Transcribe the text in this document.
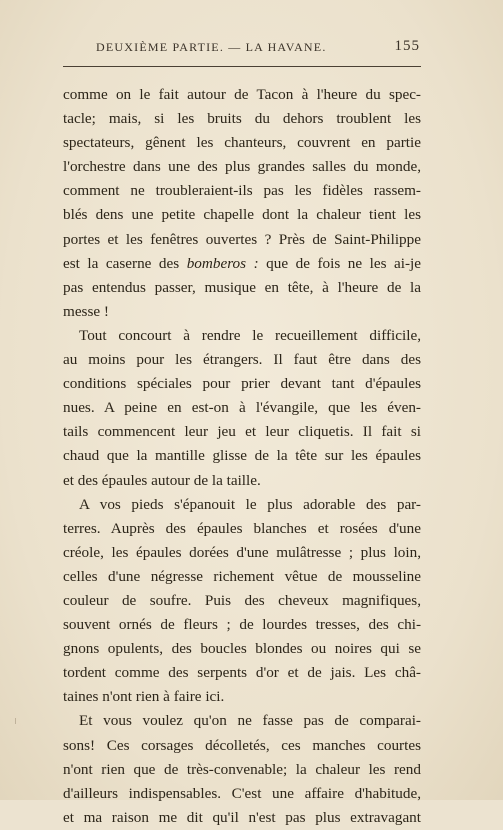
DEUXIÈME PARTIE. — LA HAVANE.	155
comme on le fait autour de Tacon à l'heure du spec-
tacle; mais, si les bruits du dehors troublent les
spectateurs, gênent les chanteurs, couvrent en partie
l'orchestre dans une des plus grandes salles du monde,
comment ne troubleraient-ils pas les fidèles rassem-
blés dens une petite chapelle dont la chaleur tient les
portes et les fenêtres ouvertes ? Près de Saint-Philippe
est la caserne des bomberos : que de fois ne les ai-je
pas entendus passer, musique en tête, à l'heure de la
messe !
Tout concourt à rendre le recueillement difficile,
au moins pour les étrangers. Il faut être dans des
conditions spéciales pour prier devant tant d'épaules
nues. A peine en est-on à l'évangile, que les éven-
tails commencent leur jeu et leur cliquetis. Il fait si
chaud que la mantille glisse de la tête sur les épaules
et des épaules autour de la taille.
A vos pieds s'épanouit le plus adorable des par-
terres. Auprès des épaules blanches et rosées d'une
créole, les épaules dorées d'une mulâtresse ; plus loin,
celles d'une négresse richement vêtue de mousseline
couleur de soufre. Puis des cheveux magnifiques,
souvent ornés de fleurs ; de lourdes tresses, des chi-
gnons opulents, des boucles blondes ou noires qui se
tordent comme des serpents d'or et de jais. Les châ-
taines n'ont rien à faire ici.
Et vous voulez qu'on ne fasse pas de comparai-
sons! Ces corsages décolletés, ces manches courtes
n'ont rien que de très-convenable; la chaleur les rend
d'ailleurs indispensables. C'est une affaire d'habitude,
et ma raison me dit qu'il n'est pas plus extravagant
